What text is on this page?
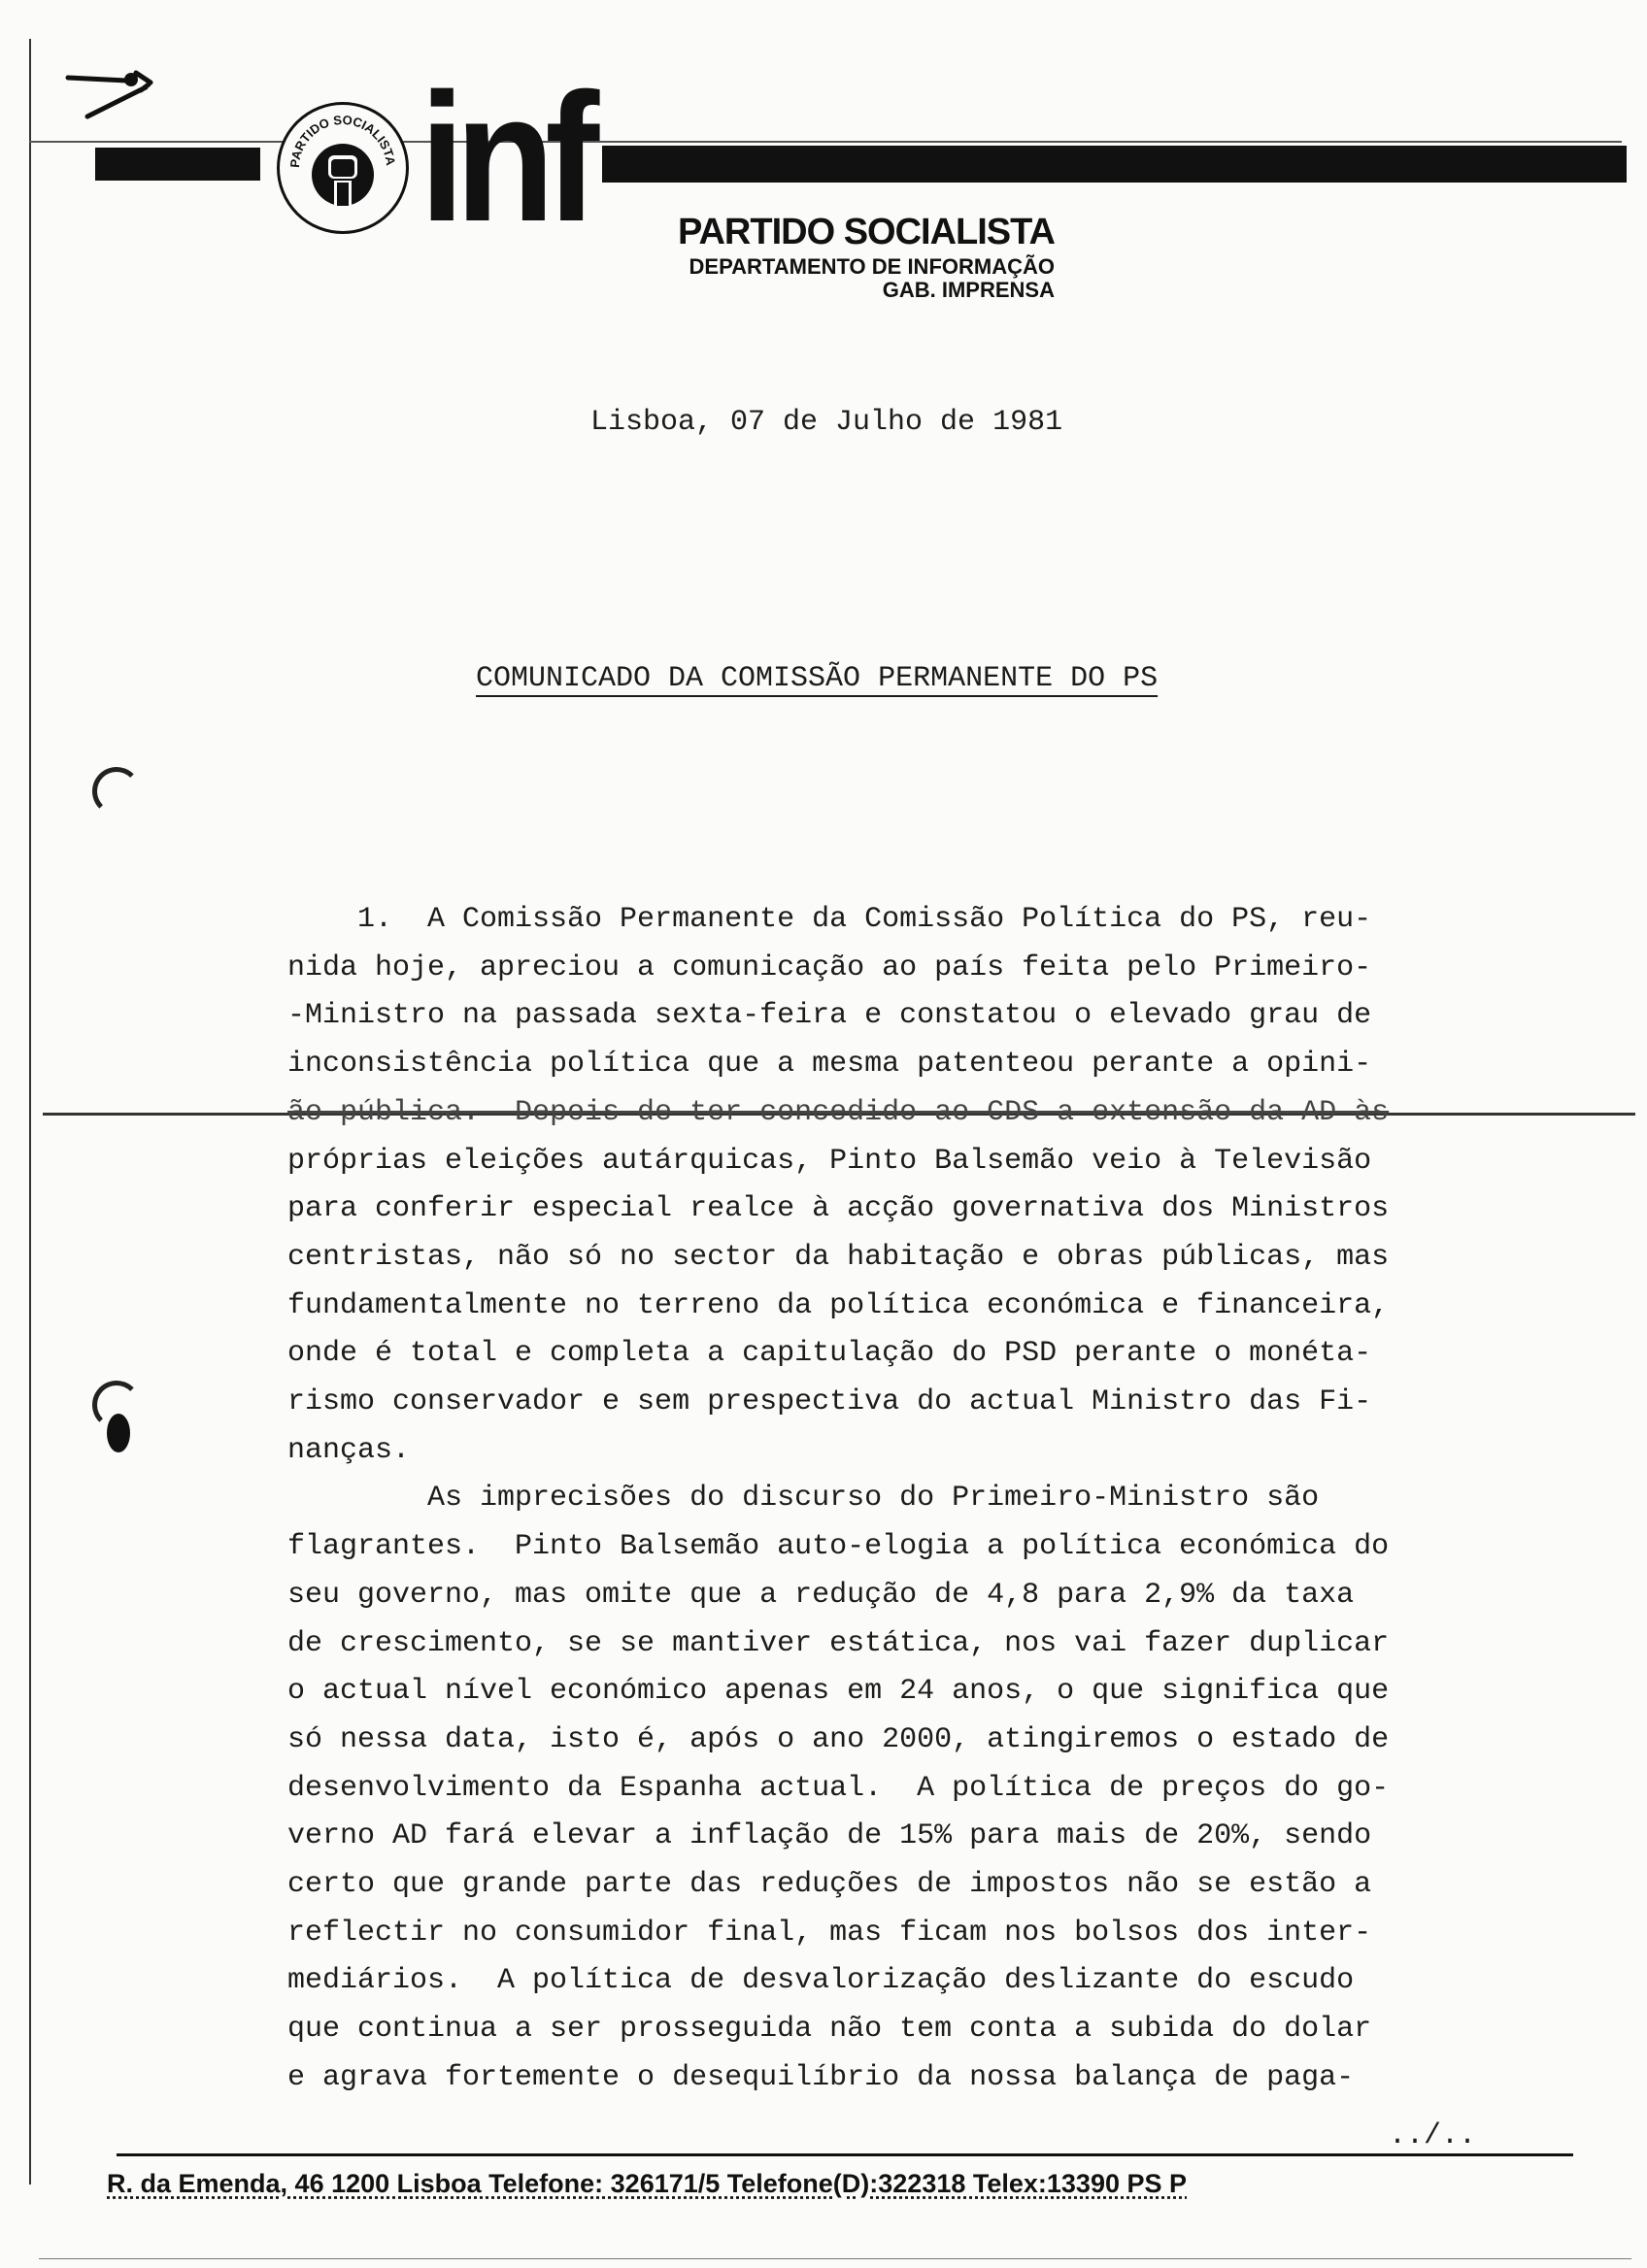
PARTIDO SOCIALISTA inf PARTIDO SOCIALISTA
DEPARTAMENTO DE INFORMAÇÃO
GAB. IMPRENSA
Lisboa, 07 de Julho de 1981
COMUNICADO DA COMISSÃO PERMANENTE DO PS
1.  A Comissão Permanente da Comissão Política do PS, reu-
nida hoje, apreciou a comunicação ao país feita pelo Primeiro-
-Ministro na passada sexta-feira e constatou o elevado grau de
inconsistência política que a mesma patenteou perante a opini-
ão pública.  Depois de ter concedido ao CDS a extensão da AD às
próprias eleições autárquicas, Pinto Balsemão veio à Televisão
para conferir especial realce à acção governativa dos Ministros
centristas, não só no sector da habitação e obras públicas, mas
fundamentalmente no terreno da política económica e financeira,
onde é total e completa a capitulação do PSD perante o monéta-
rismo conservador e sem prespectiva do actual Ministro das Fi-
nanças.
As imprecisões do discurso do Primeiro-Ministro são
flagrantes.  Pinto Balsemão auto-elogia a política económica do
seu governo, mas omite que a redução de 4,8 para 2,9% da taxa
de crescimento, se se mantiver estática, nos vai fazer duplicar
o actual nível económico apenas em 24 anos, o que significa que
só nessa data, isto é, após o ano 2000, atingiremos o estado de
desenvolvimento da Espanha actual.  A política de preços do go-
verno AD fará elevar a inflação de 15% para mais de 20%, sendo
certo que grande parte das reduções de impostos não se estão a
reflectir no consumidor final, mas ficam nos bolsos dos inter-
mediários.  A política de desvalorização deslizante do escudo
que continua a ser prosseguida não tem conta a subida do dolar
e agrava fortemente o desequilíbrio da nossa balança de paga-
../..
R. da Emenda, 46 1200 Lisboa Telefone: 326171/5 Telefone(D):322318 Telex:13390 PS P
